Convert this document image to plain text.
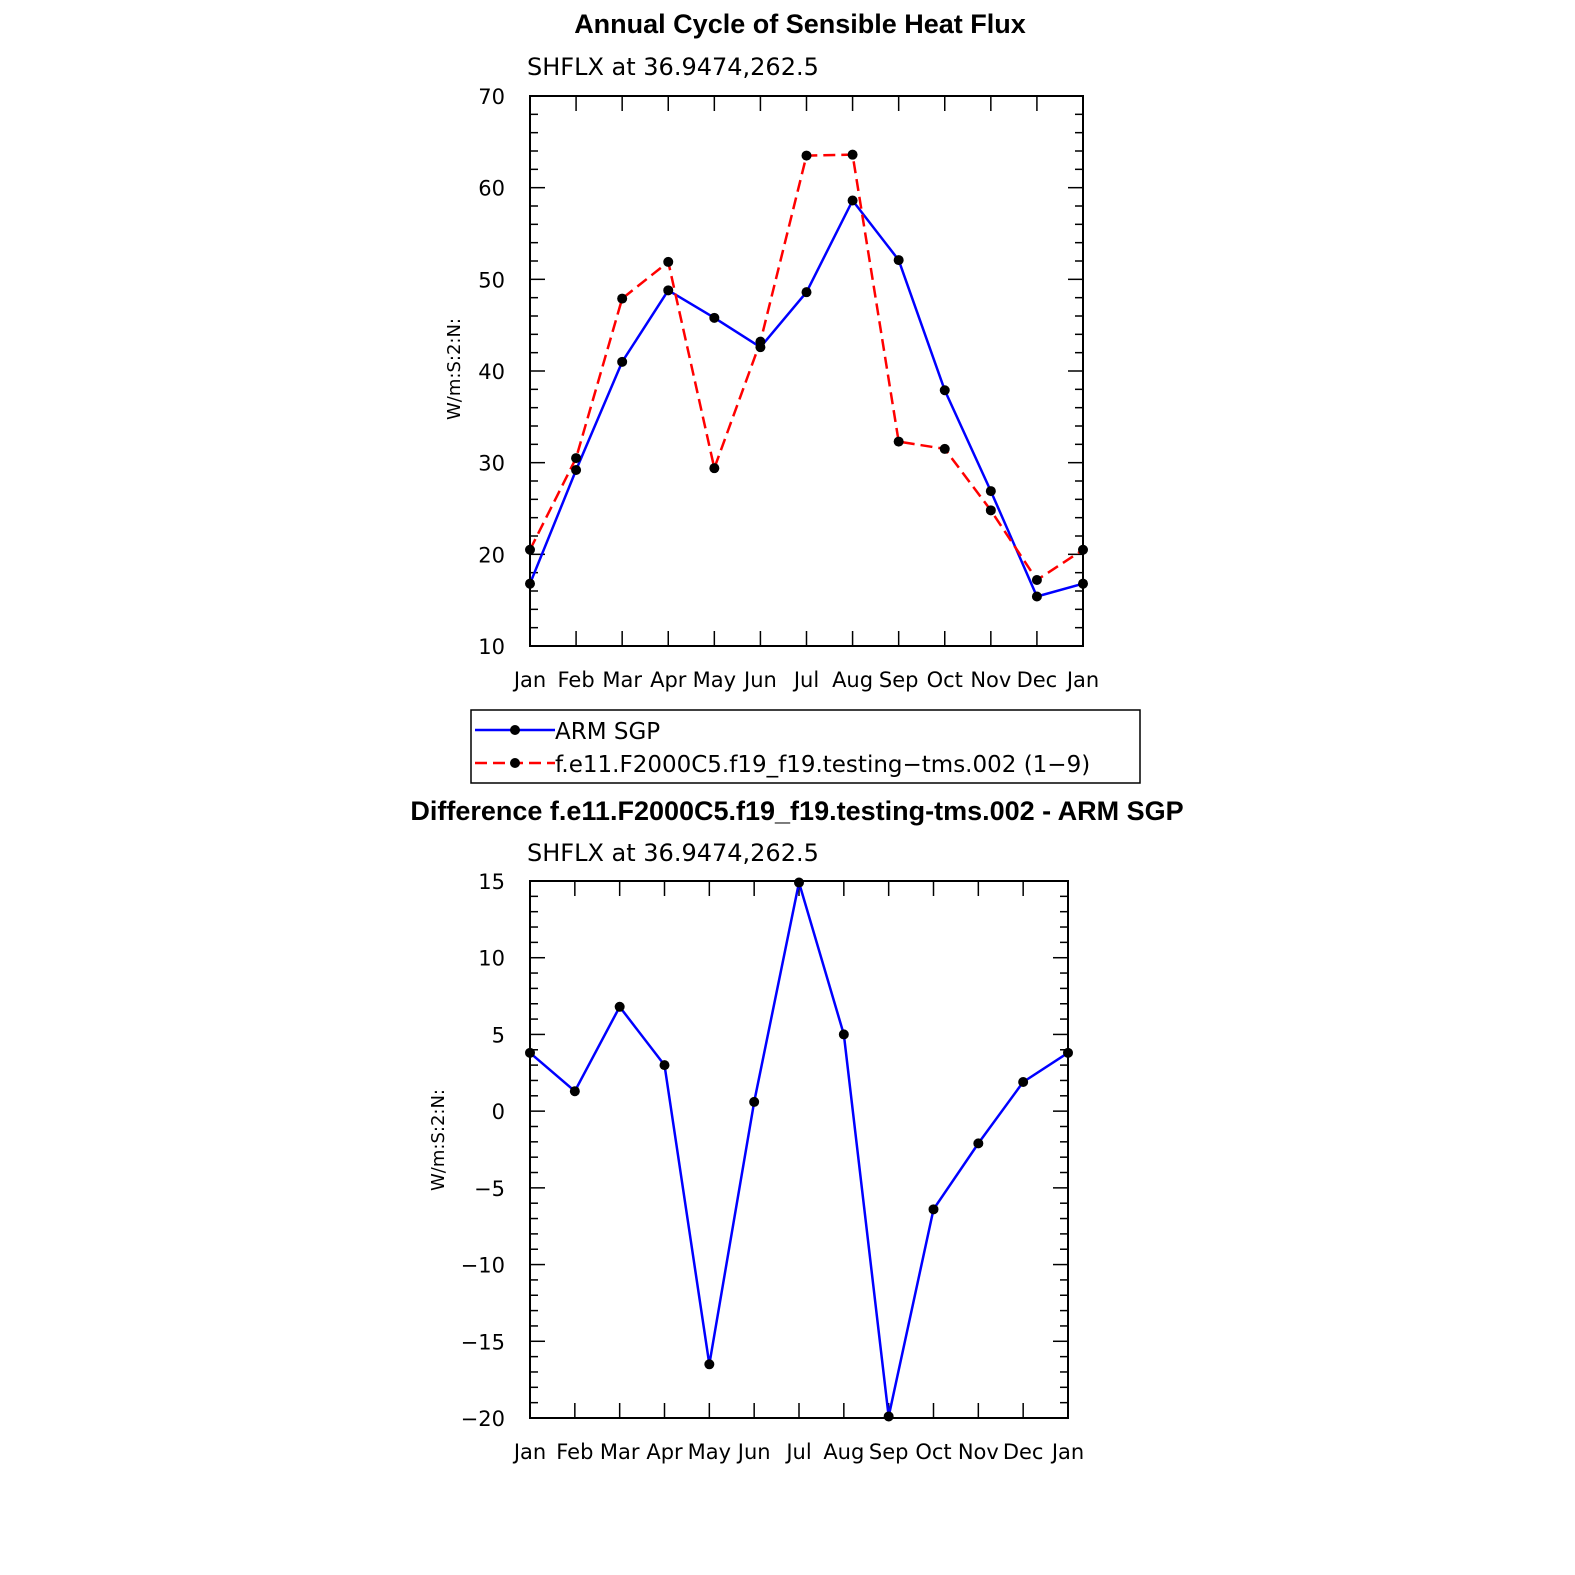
Annual Cycle of Sensible Heat Flux
SHFLX at 36.9474,262.5
W/m:S:2:N:
10
20
30
40
50
60
70
Jan Feb Mar Apr May Jun Jul Aug Sep Oct Nov Dec Jan
ARM SGP
f.e11.F2000C5.f19_f19.testing−tms.002 (1−9)
Difference f.e11.F2000C5.f19_f19.testing-tms.002 - ARM SGP
SHFLX at 36.9474,262.5
W/m:S:2:N:
−20
−15
−10
−5
0
5
10
15
Jan Feb Mar Apr May Jun Jul Aug Sep Oct Nov Dec Jan
